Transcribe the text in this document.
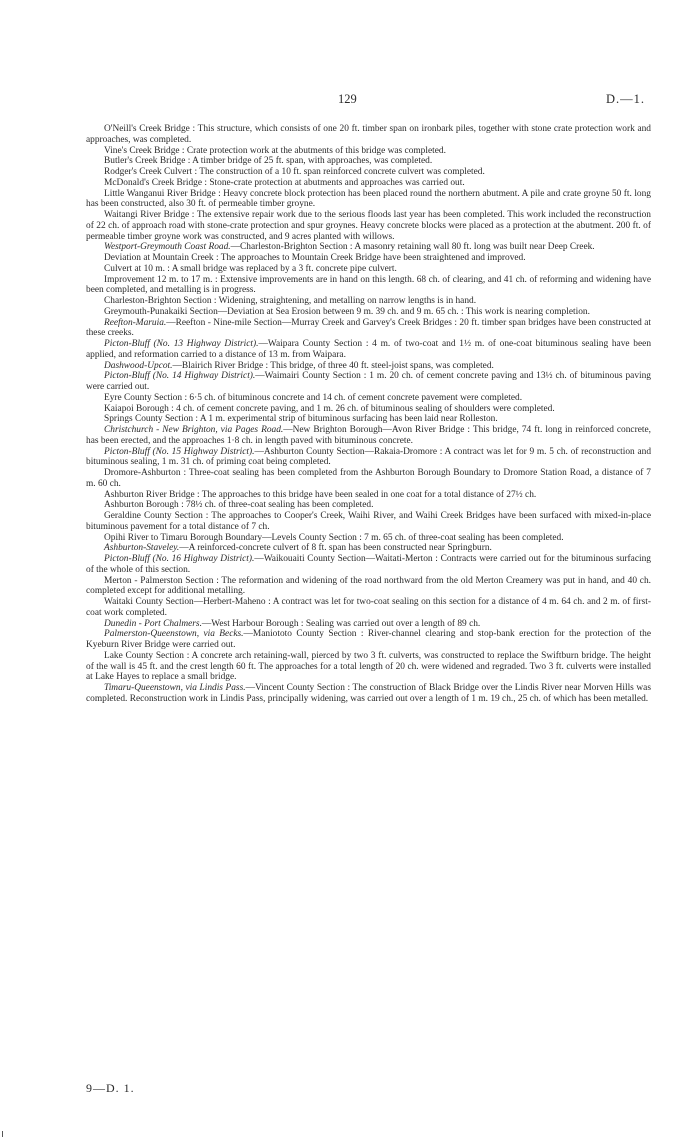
129	D.—1.

O'Neill's Creek Bridge : This structure, which consists of one 20 ft. timber span on ironbark piles, together with stone crate protection work and approaches, was completed.

Vine's Creek Bridge : Crate protection work at the abutments of this bridge was completed.

Butler's Creek Bridge : A timber bridge of 25 ft. span, with approaches, was completed.

Rodger's Creek Culvert : The construction of a 10 ft. span reinforced concrete culvert was completed.

McDonald's Creek Bridge : Stone-crate protection at abutments and approaches was carried out.

Little Wanganui River Bridge : Heavy concrete block protection has been placed round the northern abutment. A pile and crate groyne 50 ft. long has been constructed, also 30 ft. of permeable timber groyne.

Waitangi River Bridge : The extensive repair work due to the serious floods last year has been completed. This work included the reconstruction of 22 ch. of approach road with stone-crate protection and spur groynes. Heavy concrete blocks were placed as a protection at the abutment. 200 ft. of permeable timber groyne work was constructed, and 9 acres planted with willows.

Westport-Greymouth Coast Road.—Charleston-Brighton Section : A masonry retaining wall 80 ft. long was built near Deep Creek.

Deviation at Mountain Creek : The approaches to Mountain Creek Bridge have been straightened and improved.

Culvert at 10 m. : A small bridge was replaced by a 3 ft. concrete pipe culvert.

Improvement 12 m. to 17 m. : Extensive improvements are in hand on this length. 68 ch. of clearing, and 41 ch. of reforming and widening have been completed, and metalling is in progress.

Charleston-Brighton Section : Widening, straightening, and metalling on narrow lengths is in hand.

Greymouth-Punakaiki Section—Deviation at Sea Erosion between 9 m. 39 ch. and 9 m. 65 ch. : This work is nearing completion.

Reefton-Maruia.—Reefton - Nine-mile Section—Murray Creek and Garvey's Creek Bridges : 20 ft. timber span bridges have been constructed at these creeks.

Picton-Bluff (No. 13 Highway District).—Waipara County Section : 4 m. of two-coat and 1½ m. of one-coat bituminous sealing have been applied, and reformation carried to a distance of 13 m. from Waipara.

Dashwood-Upcot.—Blairich River Bridge : This bridge, of three 40 ft. steel-joist spans, was completed.

Picton-Bluff (No. 14 Highway District).—Waimairi County Section : 1 m. 20 ch. of cement concrete paving and 13½ ch. of bituminous paving were carried out.

Eyre County Section : 6·5 ch. of bituminous concrete and 14 ch. of cement concrete pavement were completed.

Kaiapoi Borough : 4 ch. of cement concrete paving, and 1 m. 26 ch. of bituminous sealing of shoulders were completed.

Springs County Section : A 1 m. experimental strip of bituminous surfacing has been laid near Rolleston.

Christchurch - New Brighton, via Pages Road.—New Brighton Borough—Avon River Bridge : This bridge, 74 ft. long in reinforced concrete, has been erected, and the approaches 1·8 ch. in length paved with bituminous concrete.

Picton-Bluff (No. 15 Highway District).—Ashburton County Section—Rakaia-Dromore : A contract was let for 9 m. 5 ch. of reconstruction and bituminous sealing, 1 m. 31 ch. of priming coat being completed.

Dromore-Ashburton : Three-coat sealing has been completed from the Ashburton Borough Boundary to Dromore Station Road, a distance of 7 m. 60 ch.

Ashburton River Bridge : The approaches to this bridge have been sealed in one coat for a total distance of 27½ ch.

Ashburton Borough : 78½ ch. of three-coat sealing has been completed.

Geraldine County Section : The approaches to Cooper's Creek, Waihi River, and Waihi Creek Bridges have been surfaced with mixed-in-place bituminous pavement for a total distance of 7 ch.

Opihi River to Timaru Borough Boundary—Levels County Section : 7 m. 65 ch. of three-coat sealing has been completed.

Ashburton-Staveley.—A reinforced-concrete culvert of 8 ft. span has been constructed near Springburn.

Picton-Bluff (No. 16 Highway District).—Waikouaiti County Section—Waitati-Merton : Contracts were carried out for the bituminous surfacing of the whole of this section.

Merton - Palmerston Section : The reformation and widening of the road northward from the old Merton Creamery was put in hand, and 40 ch. completed except for additional metalling.

Waitaki County Section—Herbert-Maheno : A contract was let for two-coat sealing on this section for a distance of 4 m. 64 ch. and 2 m. of first-coat work completed.

Dunedin - Port Chalmers.—West Harbour Borough : Sealing was carried out over a length of 89 ch.

Palmerston-Queenstown, via Becks.—Maniototo County Section : River-channel clearing and stop-bank erection for the protection of the Kyeburn River Bridge were carried out.

Lake County Section : A concrete arch retaining-wall, pierced by two 3 ft. culverts, was constructed to replace the Swiftburn bridge. The height of the wall is 45 ft. and the crest length 60 ft. The approaches for a total length of 20 ch. were widened and regraded. Two 3 ft. culverts were installed at Lake Hayes to replace a small bridge.

Timaru-Queenstown, via Lindis Pass.—Vincent County Section : The construction of Black Bridge over the Lindis River near Morven Hills was completed. Reconstruction work in Lindis Pass, principally widening, was carried out over a length of 1 m. 19 ch., 25 ch. of which has been metalled.

9—D. 1.
